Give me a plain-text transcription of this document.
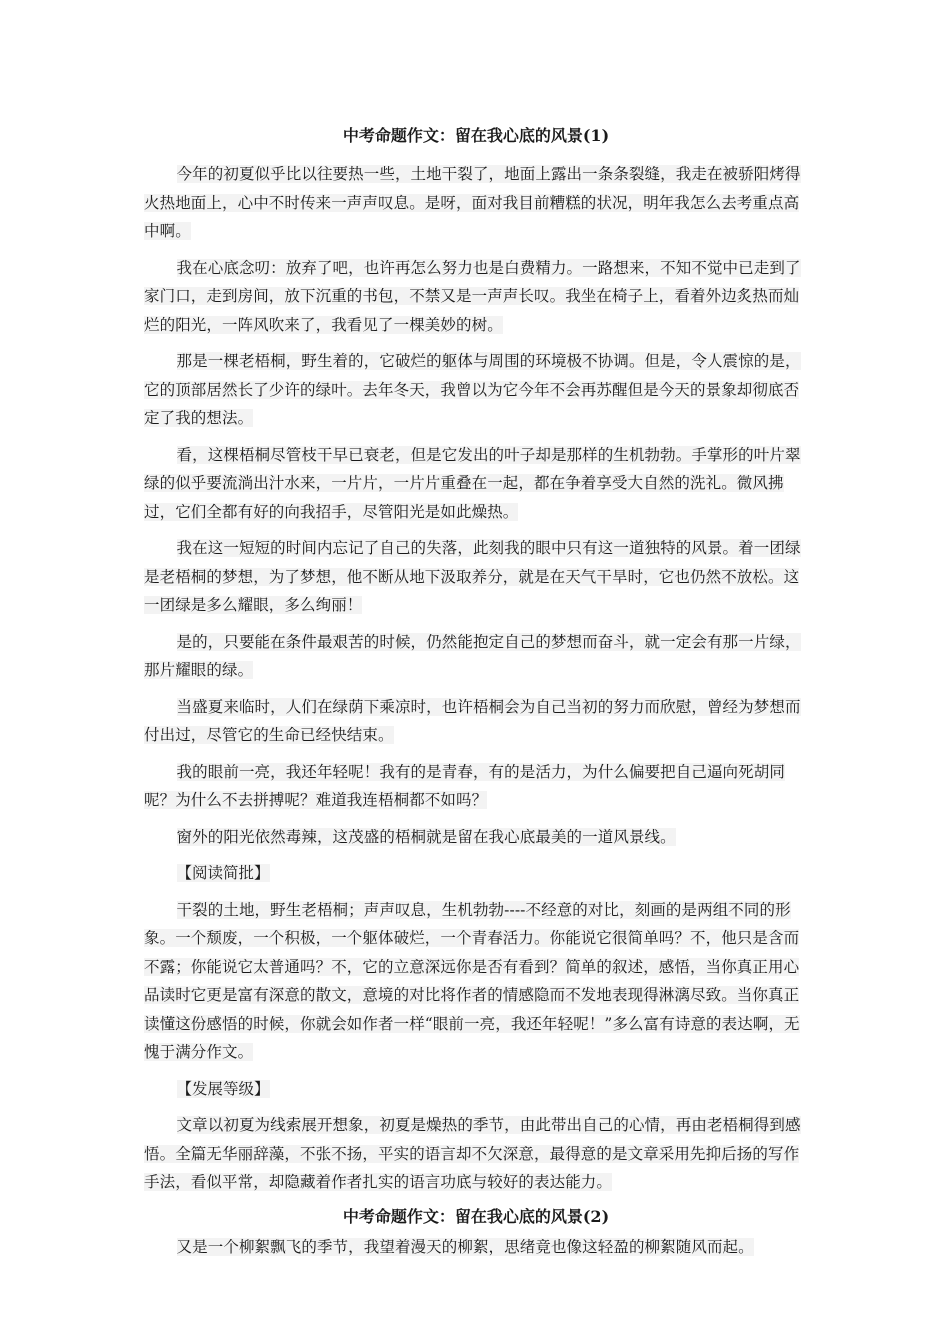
中考命题作文：留在我心底的风景(1)

今年的初夏似乎比以往要热一些，土地干裂了，地面上露出一条条裂缝，我走在被骄阳烤得火热地面上，心中不时传来一声声叹息。是呀，面对我目前糟糕的状况，明年我怎么去考重点高中啊。

我在心底念叨：放弃了吧，也许再怎么努力也是白费精力。一路想来，不知不觉中已走到了家门口，走到房间，放下沉重的书包，不禁又是一声声长叹。我坐在椅子上，看着外边炙热而灿烂的阳光，一阵风吹来了，我看见了一棵美妙的树。

那是一棵老梧桐，野生着的，它破烂的躯体与周围的环境极不协调。但是，令人震惊的是，它的顶部居然长了少许的绿叶。去年冬天，我曾以为它今年不会再苏醒但是今天的景象却彻底否定了我的想法。

看，这棵梧桐尽管枝干早已衰老，但是它发出的叶子却是那样的生机勃勃。手掌形的叶片翠绿的似乎要流淌出汁水来，一片片，一片片重叠在一起，都在争着享受大自然的洗礼。微风拂过，它们全都有好的向我招手，尽管阳光是如此燥热。

我在这一短短的时间内忘记了自己的失落，此刻我的眼中只有这一道独特的风景。着一团绿是老梧桐的梦想，为了梦想，他不断从地下汲取养分，就是在天气干旱时，它也仍然不放松。这一团绿是多么耀眼，多么绚丽！

是的，只要能在条件最艰苦的时候，仍然能抱定自己的梦想而奋斗，就一定会有那一片绿，那片耀眼的绿。

当盛夏来临时，人们在绿荫下乘凉时，也许梧桐会为自己当初的努力而欣慰，曾经为梦想而付出过，尽管它的生命已经快结束。

我的眼前一亮，我还年轻呢！我有的是青春，有的是活力，为什么偏要把自己逼向死胡同呢？为什么不去拼搏呢？难道我连梧桐都不如吗？

窗外的阳光依然毒辣，这茂盛的梧桐就是留在我心底最美的一道风景线。

【阅读简批】

干裂的土地，野生老梧桐；声声叹息，生机勃勃----不经意的对比，刻画的是两组不同的形象。一个颓废，一个积极，一个躯体破烂，一个青春活力。你能说它很简单吗？不，他只是含而不露；你能说它太普通吗？不，它的立意深远你是否有看到？简单的叙述，感悟，当你真正用心品读时它更是富有深意的散文，意境的对比将作者的情感隐而不发地表现得淋漓尽致。当你真正读懂这份感悟的时候，你就会如作者一样“眼前一亮，我还年轻呢！”多么富有诗意的表达啊，无愧于满分作文。

【发展等级】

文章以初夏为线索展开想象，初夏是燥热的季节，由此带出自己的心情，再由老梧桐得到感悟。全篇无华丽辞藻，不张不扬，平实的语言却不欠深意，最得意的是文章采用先抑后扬的写作手法，看似平常，却隐藏着作者扎实的语言功底与较好的表达能力。

中考命题作文：留在我心底的风景(2)

又是一个柳絮飘飞的季节，我望着漫天的柳絮，思绪竟也像这轻盈的柳絮随风而起。
